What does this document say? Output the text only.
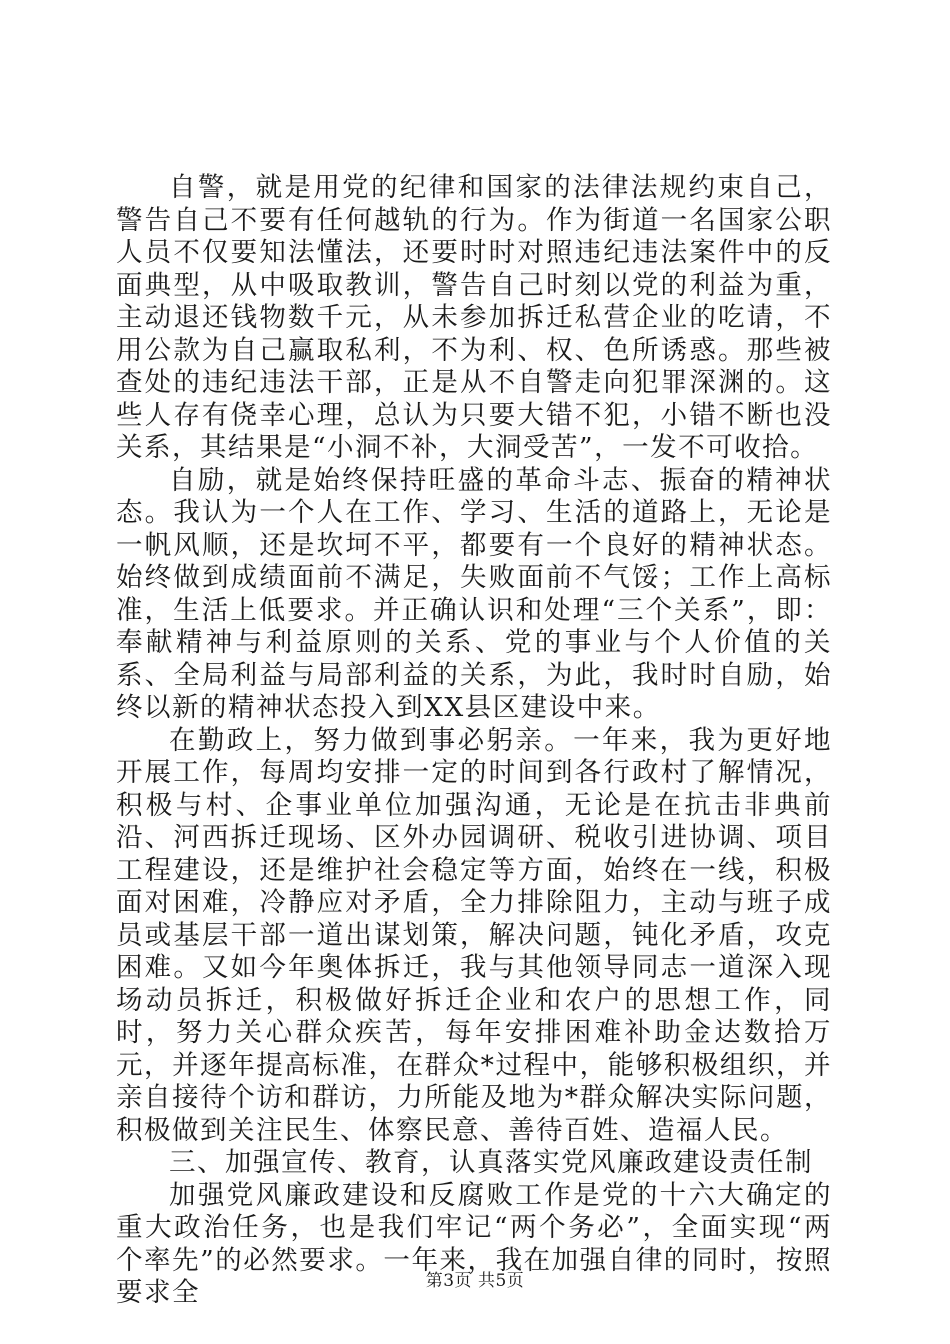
自警，就是用党的纪律和国家的法律法规约束自己，警告自己不要有任何越轨的行为。作为街道一名国家公职人员不仅要知法懂法，还要时时对照违纪违法案件中的反面典型，从中吸取教训，警告自己时刻以党的利益为重，主动退还钱物数千元，从未参加拆迁私营企业的吃请，不用公款为自己赢取私利，不为利、权、色所诱惑。那些被查处的违纪违法干部，正是从不自警走向犯罪深渊的。这些人存有侥幸心理，总认为只要大错不犯，小错不断也没关系，其结果是“小洞不补，大洞受苦”，一发不可收拾。

自励，就是始终保持旺盛的革命斗志、振奋的精神状态。我认为一个人在工作、学习、生活的道路上，无论是一帆风顺，还是坎坷不平，都要有一个良好的精神状态。始终做到成绩面前不满足，失败面前不气馁；工作上高标准，生活上低要求。并正确认识和处理“三个关系”，即：奉献精神与利益原则的关系、党的事业与个人价值的关系、全局利益与局部利益的关系，为此，我时时自励，始终以新的精神状态投入到XX县区建设中来。

在勤政上，努力做到事必躬亲。一年来，我为更好地开展工作，每周均安排一定的时间到各行政村了解情况，积极与村、企事业单位加强沟通，无论是在抗击非典前沿、河西拆迁现场、区外办园调研、税收引进协调、项目工程建设，还是维护社会稳定等方面，始终在一线，积极面对困难，冷静应对矛盾，全力排除阻力，主动与班子成员或基层干部一道出谋划策，解决问题，钝化矛盾，攻克困难。又如今年奥体拆迁，我与其他领导同志一道深入现场动员拆迁，积极做好拆迁企业和农户的思想工作，同时，努力关心群众疾苦，每年安排困难补助金达数拾万元，并逐年提高标准，在群众*过程中，能够积极组织，并亲自接待个访和群访，力所能及地为*群众解决实际问题，积极做到关注民生、体察民意、善待百姓、造福人民。

三、加强宣传、教育，认真落实党风廉政建设责任制

加强党风廉政建设和反腐败工作是党的十六大确定的重大政治任务，也是我们牢记“两个务必”，全面实现“两个率先”的必然要求。一年来，我在加强自律的同时，按照要求全	第3页 共5页
